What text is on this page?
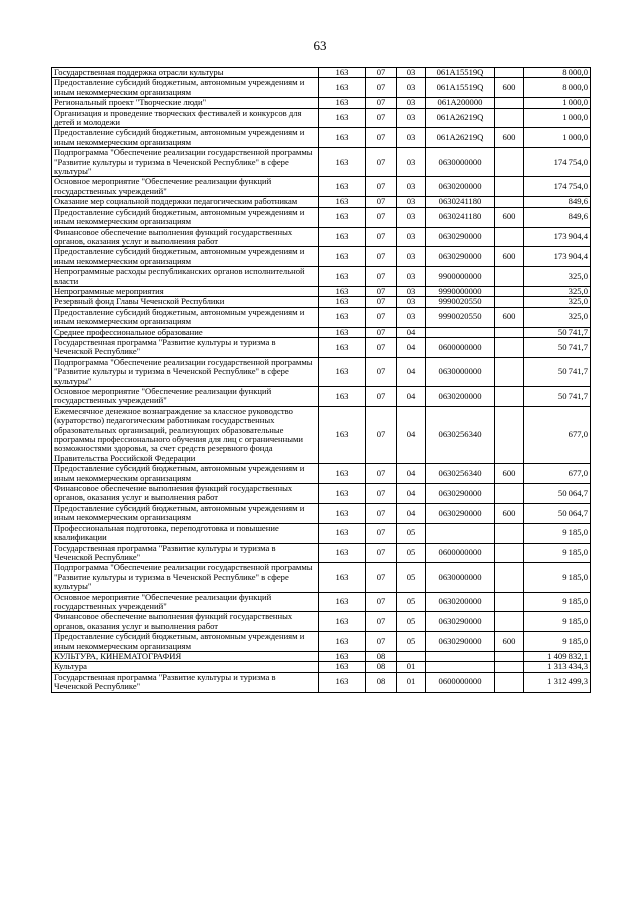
63
Государственная поддержка отрасли культуры	163	07	03	061A15519Q		8 000,0
Предоставление субсидий бюджетным, автономным учреждениям и иным некоммерческим организациям	163	07	03	061A15519Q	600	8 000,0
Региональный проект "Творческие люди"	163	07	03	061A200000		1 000,0
Организация и проведение творческих фестивалей и конкурсов для детей и молодежи	163	07	03	061A26219Q		1 000,0
Предоставление субсидий бюджетным, автономным учреждениям и иным некоммерческим организациям	163	07	03	061A26219Q	600	1 000,0
Подпрограмма "Обеспечение реализации государственной программы "Развитие культуры и туризма в Чеченской Республике" в сфере культуры"	163	07	03	0630000000		174 754,0
Основное мероприятие "Обеспечение реализации функций государственных учреждений"	163	07	03	0630200000		174 754,0
Оказание мер социальной поддержки педагогическим работникам	163	07	03	0630241180		849,6
Предоставление субсидий бюджетным, автономным учреждениям и иным некоммерческим организациям	163	07	03	0630241180	600	849,6
Финансовое обеспечение выполнения функций государственных органов, оказания услуг и выполнения работ	163	07	03	0630290000		173 904,4
Предоставление субсидий бюджетным, автономным учреждениям и иным некоммерческим организациям	163	07	03	0630290000	600	173 904,4
Непрограммные расходы республиканских органов исполнительной власти	163	07	03	9900000000		325,0
Непрограммные мероприятия	163	07	03	9990000000		325,0
Резервный фонд Главы Чеченской Республики	163	07	03	9990020550		325,0
Предоставление субсидий бюджетным, автономным учреждениям и иным некоммерческим организациям	163	07	03	9990020550	600	325,0
Среднее профессиональное образование	163	07	04			50 741,7
Государственная программа "Развитие культуры и туризма в Чеченской Республике"	163	07	04	0600000000		50 741,7
Подпрограмма "Обеспечение реализации государственной программы "Развитие культуры и туризма в Чеченской Республике" в сфере культуры"	163	07	04	0630000000		50 741,7
Основное мероприятие "Обеспечение реализации функций государственных учреждений"	163	07	04	0630200000		50 741,7
Ежемесячное денежное вознаграждение за классное руководство (кураторство) педагогическим работникам государственных образовательных организаций, реализующих образовательные программы профессионального обучения для лиц с ограниченными возможностями здоровья, за счет средств резервного фонда Правительства Российской Федерации	163	07	04	0630256340		677,0
Предоставление субсидий бюджетным, автономным учреждениям и иным некоммерческим организациям	163	07	04	0630256340	600	677,0
Финансовое обеспечение выполнения функций государственных органов, оказания услуг и выполнения работ	163	07	04	0630290000		50 064,7
Предоставление субсидий бюджетным, автономным учреждениям и иным некоммерческим организациям	163	07	04	0630290000	600	50 064,7
Профессиональная подготовка, переподготовка и повышение квалификации	163	07	05			9 185,0
Государственная программа "Развитие культуры и туризма в Чеченской Республике"	163	07	05	0600000000		9 185,0
Подпрограмма "Обеспечение реализации государственной программы "Развитие культуры и туризма в Чеченской Республике" в сфере культуры"	163	07	05	0630000000		9 185,0
Основное мероприятие "Обеспечение реализации функций государственных учреждений"	163	07	05	0630200000		9 185,0
Финансовое обеспечение выполнения функций государственных органов, оказания услуг и выполнения работ	163	07	05	0630290000		9 185,0
Предоставление субсидий бюджетным, автономным учреждениям и иным некоммерческим организациям	163	07	05	0630290000	600	9 185,0
КУЛЬТУРА, КИНЕМАТОГРАФИЯ	163	08				1 409 832,1
Культура	163	08	01			1 313 434,3
Государственная программа "Развитие культуры и туризма в Чеченской Республике"	163	08	01	0600000000		1 312 499,3
